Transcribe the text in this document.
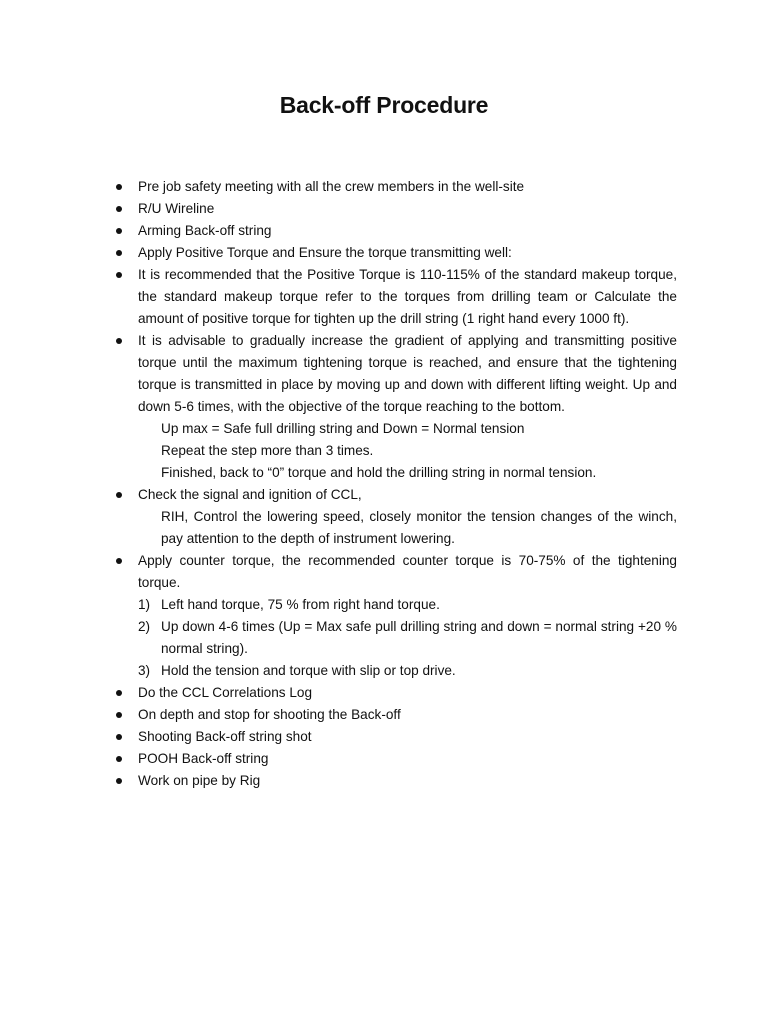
Back-off Procedure
Pre job safety meeting with all the crew members in the well-site
R/U Wireline
Arming Back-off string
Apply Positive Torque and Ensure the torque transmitting well:
It is recommended that the Positive Torque is 110-115% of the standard makeup torque, the standard makeup torque refer to the torques from drilling team or Calculate the amount of positive torque for tighten up the drill string (1 right hand every 1000 ft).
It is advisable to gradually increase the gradient of applying and transmitting positive torque until the maximum tightening torque is reached, and ensure that the tightening torque is transmitted in place by moving up and down with different lifting weight. Up and down 5-6 times, with the objective of the torque reaching to the bottom.
Up max = Safe full drilling string and Down = Normal tension
Repeat the step more than 3 times.
Finished, back to “0” torque and hold the drilling string in normal tension.
Check the signal and ignition of CCL,
RIH, Control the lowering speed, closely monitor the tension changes of the winch, pay attention to the depth of instrument lowering.
Apply counter torque, the recommended counter torque is 70-75% of the tightening torque.
1) Left hand torque, 75 % from right hand torque.
2) Up down 4-6 times (Up = Max safe pull drilling string and down = normal string +20 % normal string).
3) Hold the tension and torque with slip or top drive.
Do the CCL Correlations Log
On depth and stop for shooting the Back-off
Shooting Back-off string shot
POOH Back-off string
Work on pipe by Rig
